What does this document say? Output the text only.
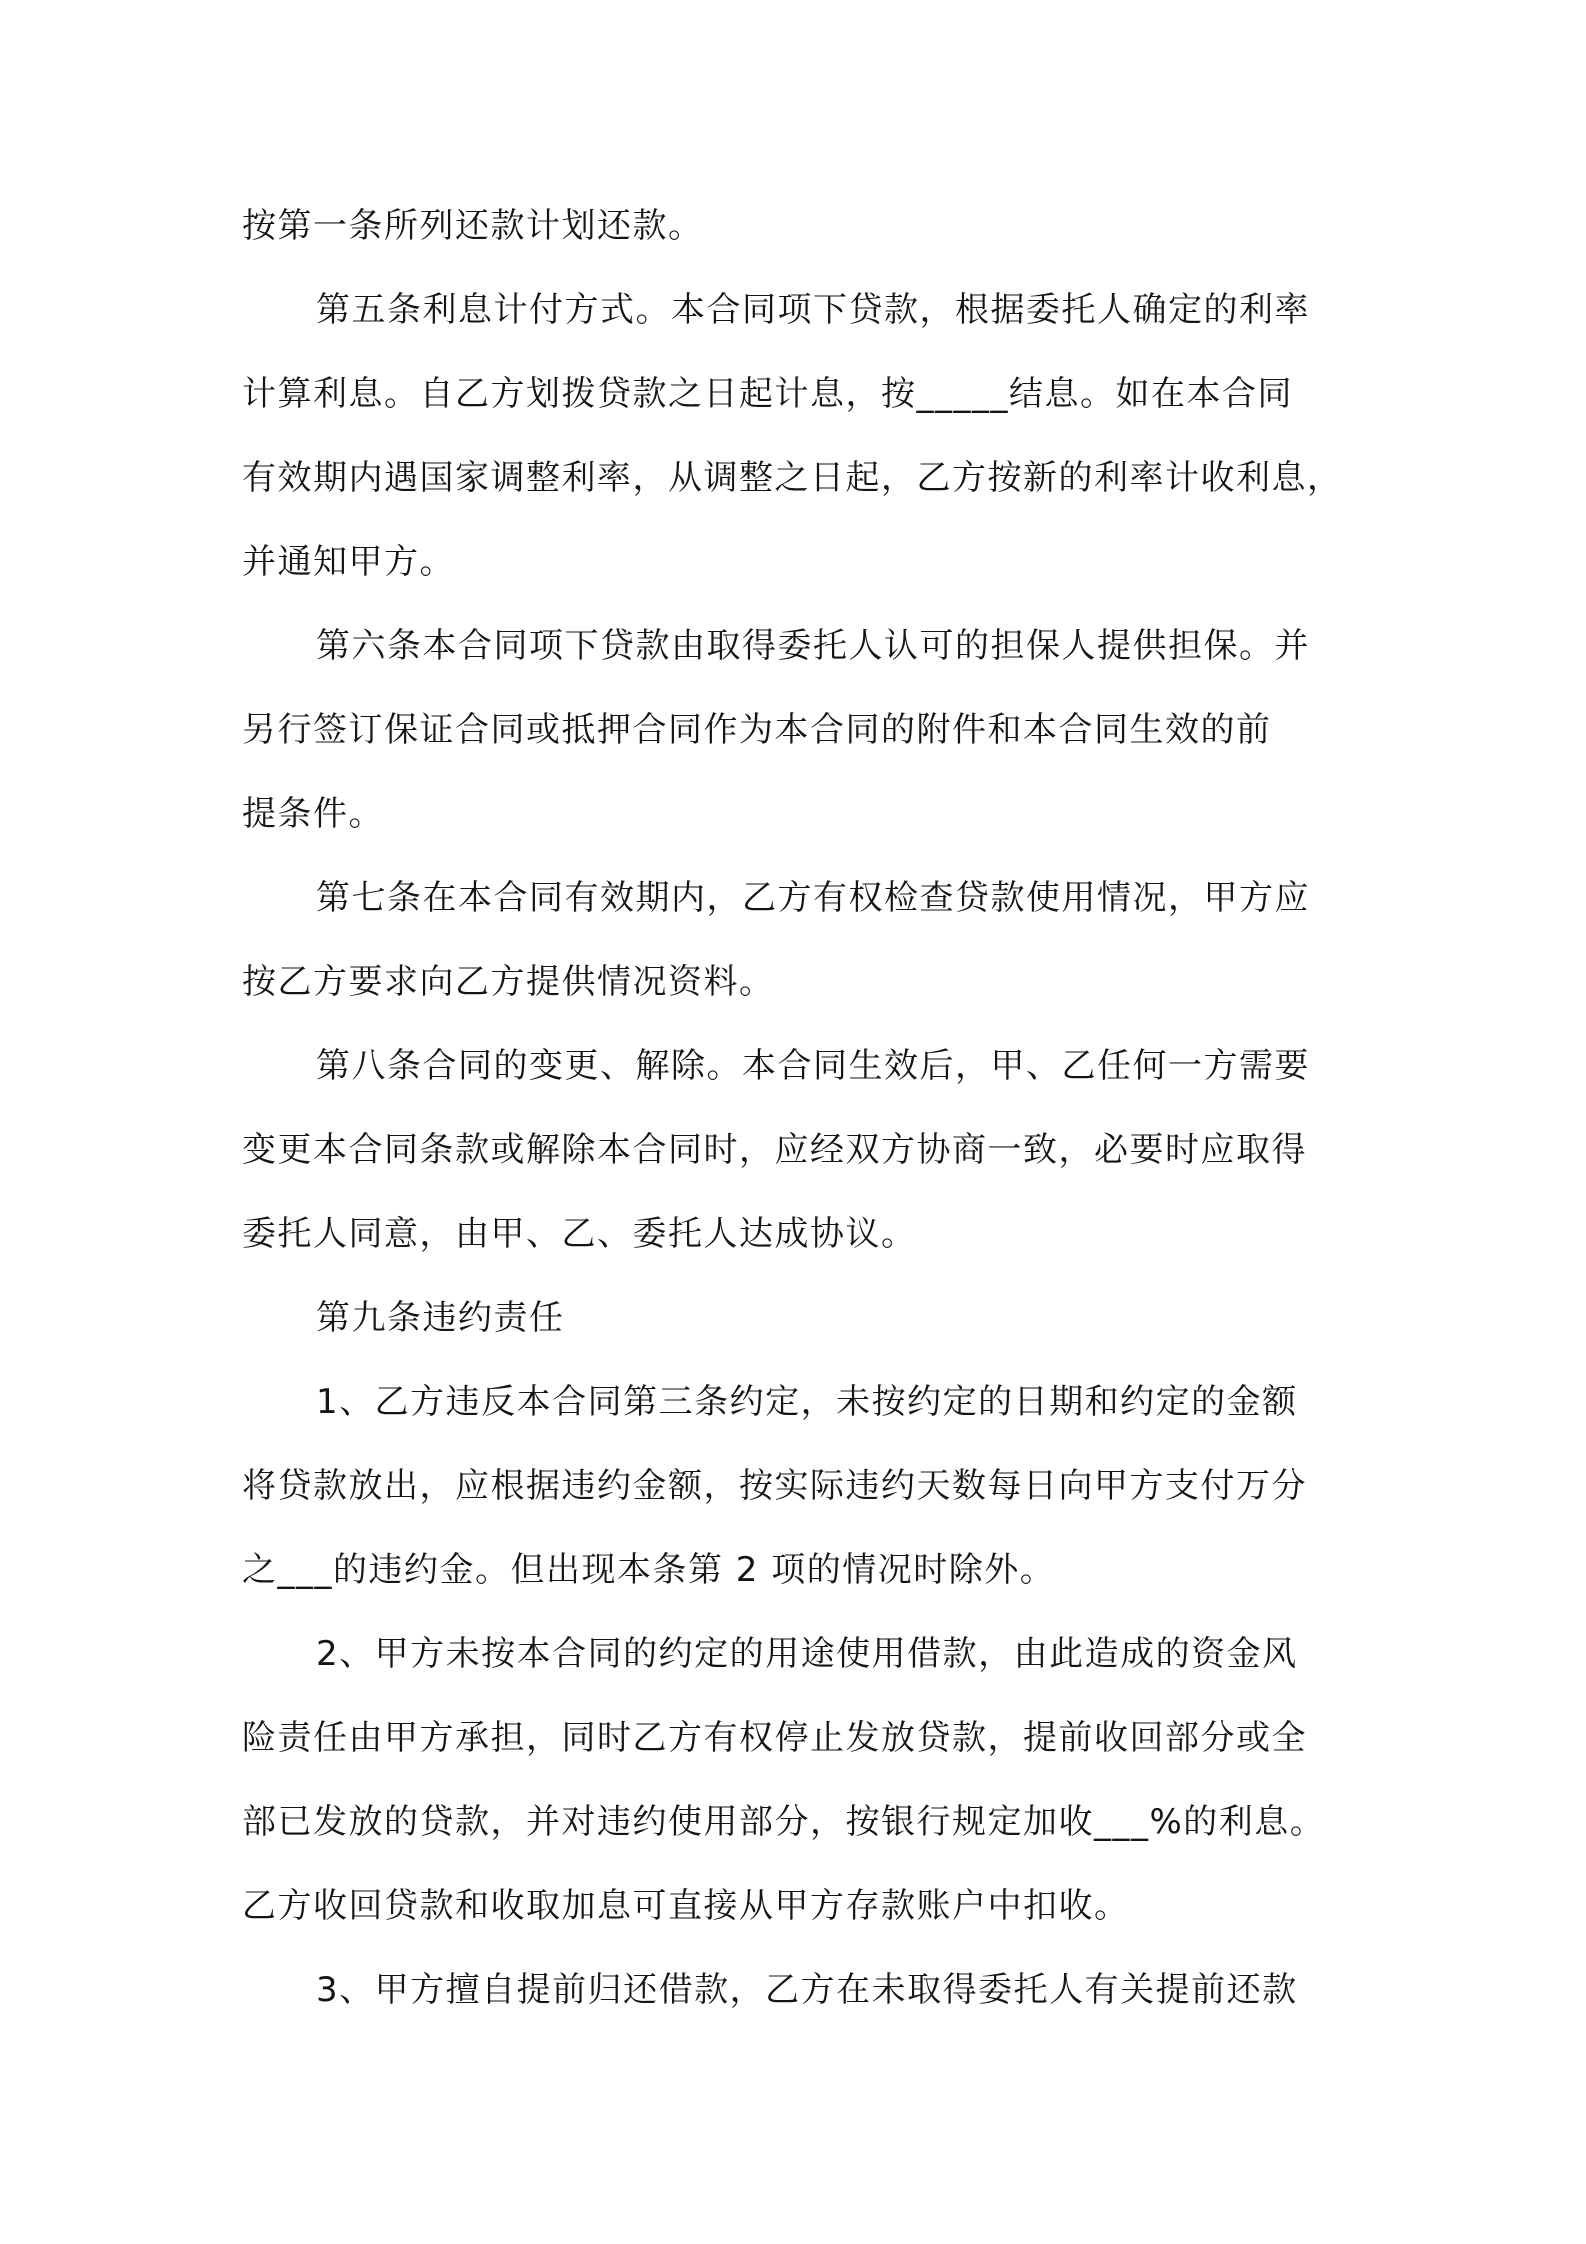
按第一条所列还款计划还款。
第五条利息计付方式。本合同项下贷款，根据委托人确定的利率
计算利息。自乙方划拨贷款之日起计息，按_____结息。如在本合同
有效期内遇国家调整利率，从调整之日起，乙方按新的利率计收利息，
并通知甲方。
第六条本合同项下贷款由取得委托人认可的担保人提供担保。并
另行签订保证合同或抵押合同作为本合同的附件和本合同生效的前
提条件。
第七条在本合同有效期内，乙方有权检查贷款使用情况，甲方应
按乙方要求向乙方提供情况资料。
第八条合同的变更、解除。本合同生效后，甲、乙任何一方需要
变更本合同条款或解除本合同时，应经双方协商一致，必要时应取得
委托人同意，由甲、乙、委托人达成协议。
第九条违约责任
1、乙方违反本合同第三条约定，未按约定的日期和约定的金额
将贷款放出，应根据违约金额，按实际违约天数每日向甲方支付万分
之___的违约金。但出现本条第 2 项的情况时除外。
2、甲方未按本合同的约定的用途使用借款，由此造成的资金风
险责任由甲方承担，同时乙方有权停止发放贷款，提前收回部分或全
部已发放的贷款，并对违约使用部分，按银行规定加收___%的利息。
乙方收回贷款和收取加息可直接从甲方存款账户中扣收。
3、甲方擅自提前归还借款，乙方在未取得委托人有关提前还款
